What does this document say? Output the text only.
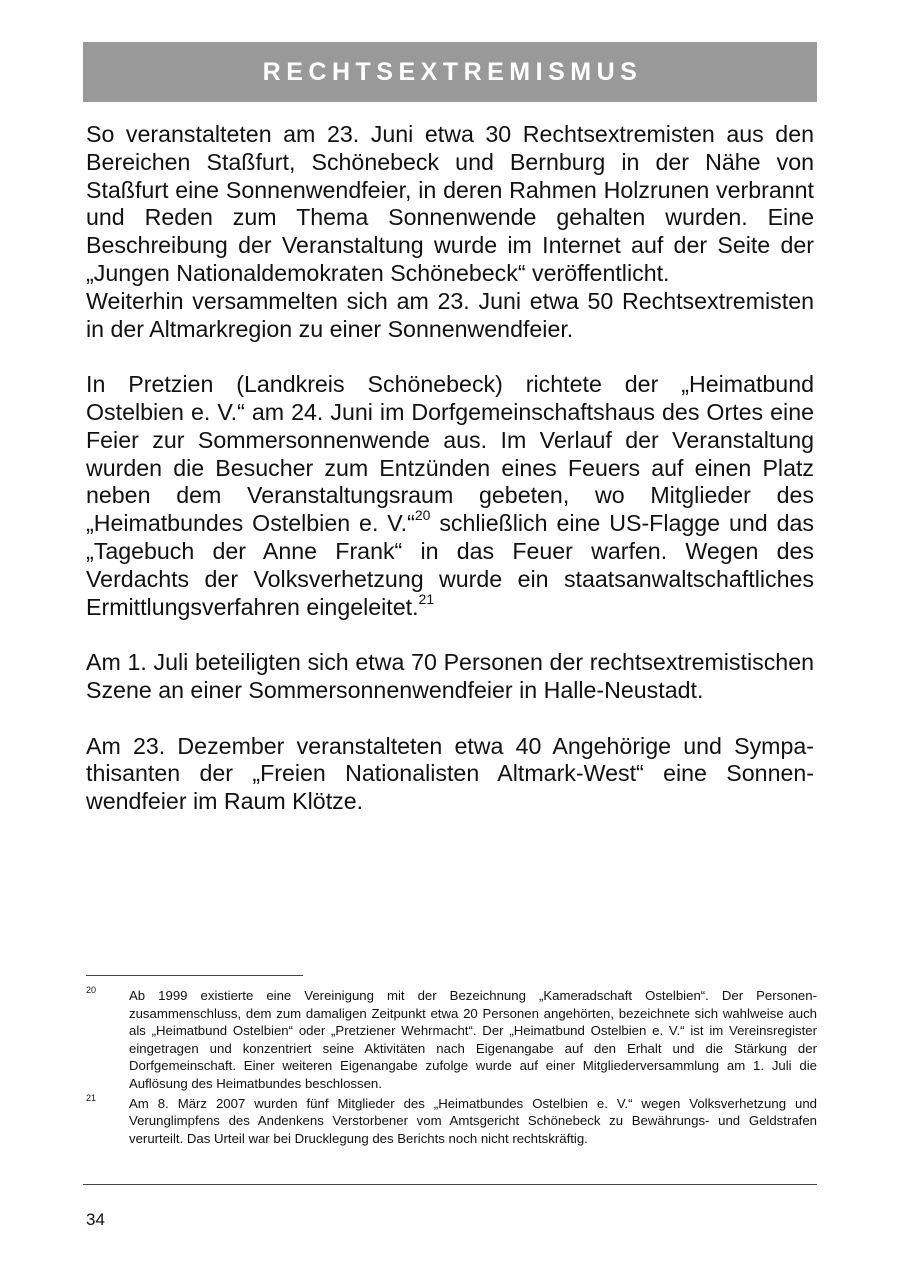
RECHTSEXTREMISMUS

So veranstalteten am 23. Juni etwa 30 Rechtsextremisten aus den Bereichen Staßfurt, Schönebeck und Bernburg in der Nähe von Staßfurt eine Sonnenwendfeier, in deren Rahmen Holzrunen verbrannt und Reden zum Thema Sonnenwende gehalten wurden. Eine Beschreibung der Veranstaltung wurde im Internet auf der Seite der „Jungen Nationaldemokraten Schönebeck“ veröffentlicht.

Weiterhin versammelten sich am 23. Juni etwa 50 Rechtsextremisten in der Altmarkregion zu einer Sonnenwendfeier.

In Pretzien (Landkreis Schönebeck) richtete der „Heimatbund Ostelbien e. V.“ am 24. Juni im Dorfgemeinschaftshaus des Ortes eine Feier zur Sommersonnenwende aus. Im Verlauf der Veranstaltung wurden die Besucher zum Entzünden eines Feuers auf einen Platz neben dem Veranstaltungsraum gebeten, wo Mitglieder des „Heimatbundes Ostelbien e. V.“$^{20}$ schließlich eine US-Flagge und das „Tagebuch der Anne Frank“ in das Feuer warfen. Wegen des Verdachts der Volksverhetzung wurde ein staatsanwaltschaftliches Ermittlungsverfahren eingeleitet.$^{21}$

Am 1. Juli beteiligten sich etwa 70 Personen der rechtsextremistischen Szene an einer Sommersonnenwendfeier in Halle-Neustadt.

Am 23. Dezember veranstalteten etwa 40 Angehörige und Sympathisanten der „Freien Nationalisten Altmark-West“ eine Sonnenwendfeier im Raum Klötze.

20 Ab 1999 existierte eine Vereinigung mit der Bezeichnung „Kameradschaft Ostelbien“. Der Personenzusammenschluss, dem zum damaligen Zeitpunkt etwa 20 Personen angehörten, bezeichnete sich wahlweise auch als „Heimatbund Ostelbien“ oder „Pretziener Wehrmacht“. Der „Heimatbund Ostelbien e. V.“ ist im Vereinsregister eingetragen und konzentriert seine Aktivitäten nach Eigenangabe auf den Erhalt und die Stärkung der Dorfgemeinschaft. Einer weiteren Eigenangabe zufolge wurde auf einer Mitgliederversammlung am 1. Juli die Auflösung des Heimatbundes beschlossen.
21 Am 8. März 2007 wurden fünf Mitglieder des „Heimatbundes Ostelbien e. V.“ wegen Volksverhetzung und Verunglimpfens des Andenkens Verstorbener vom Amtsgericht Schönebeck zu Bewährungs- und Geldstrafen verurteilt. Das Urteil war bei Drucklegung des Berichts noch nicht rechtskräftig.
34
